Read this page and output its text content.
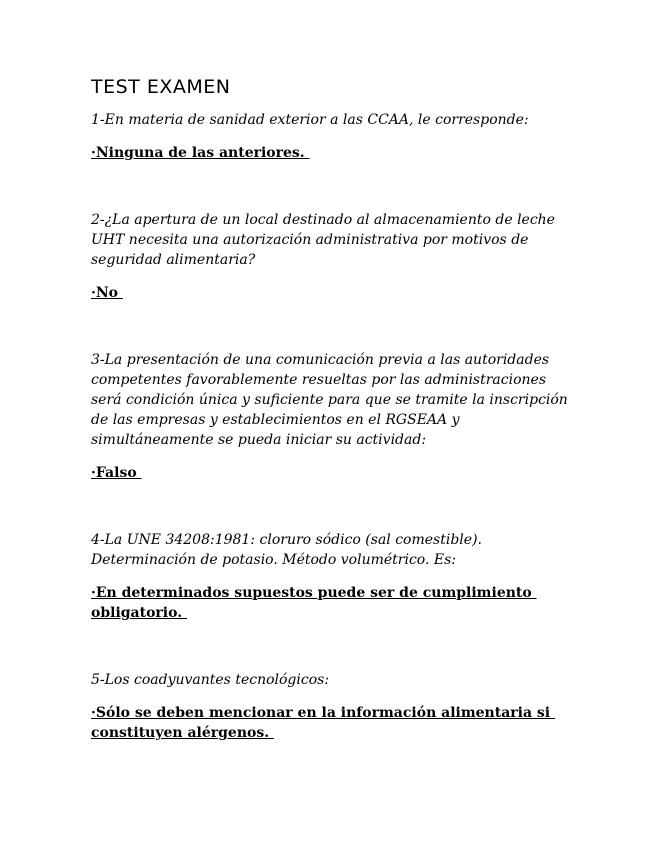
TEST EXAMEN

1-En materia de sanidad exterior a las CCAA, le corresponde:

·Ninguna de las anteriores.

2-¿La apertura de un local destinado al almacenamiento de leche UHT necesita una autorización administrativa por motivos de seguridad alimentaria?

·No

3-La presentación de una comunicación previa a las autoridades competentes favorablemente resueltas por las administraciones será condición única y suficiente para que se tramite la inscripción de las empresas y establecimientos en el RGSEAA y simultáneamente se pueda iniciar su actividad:

·Falso

4-La UNE 34208:1981: cloruro sódico (sal comestible). Determinación de potasio. Método volumétrico. Es:

·En determinados supuestos puede ser de cumplimiento obligatorio.

5-Los coadyuvantes tecnológicos:

·Sólo se deben mencionar en la información alimentaria si constituyen alérgenos.
